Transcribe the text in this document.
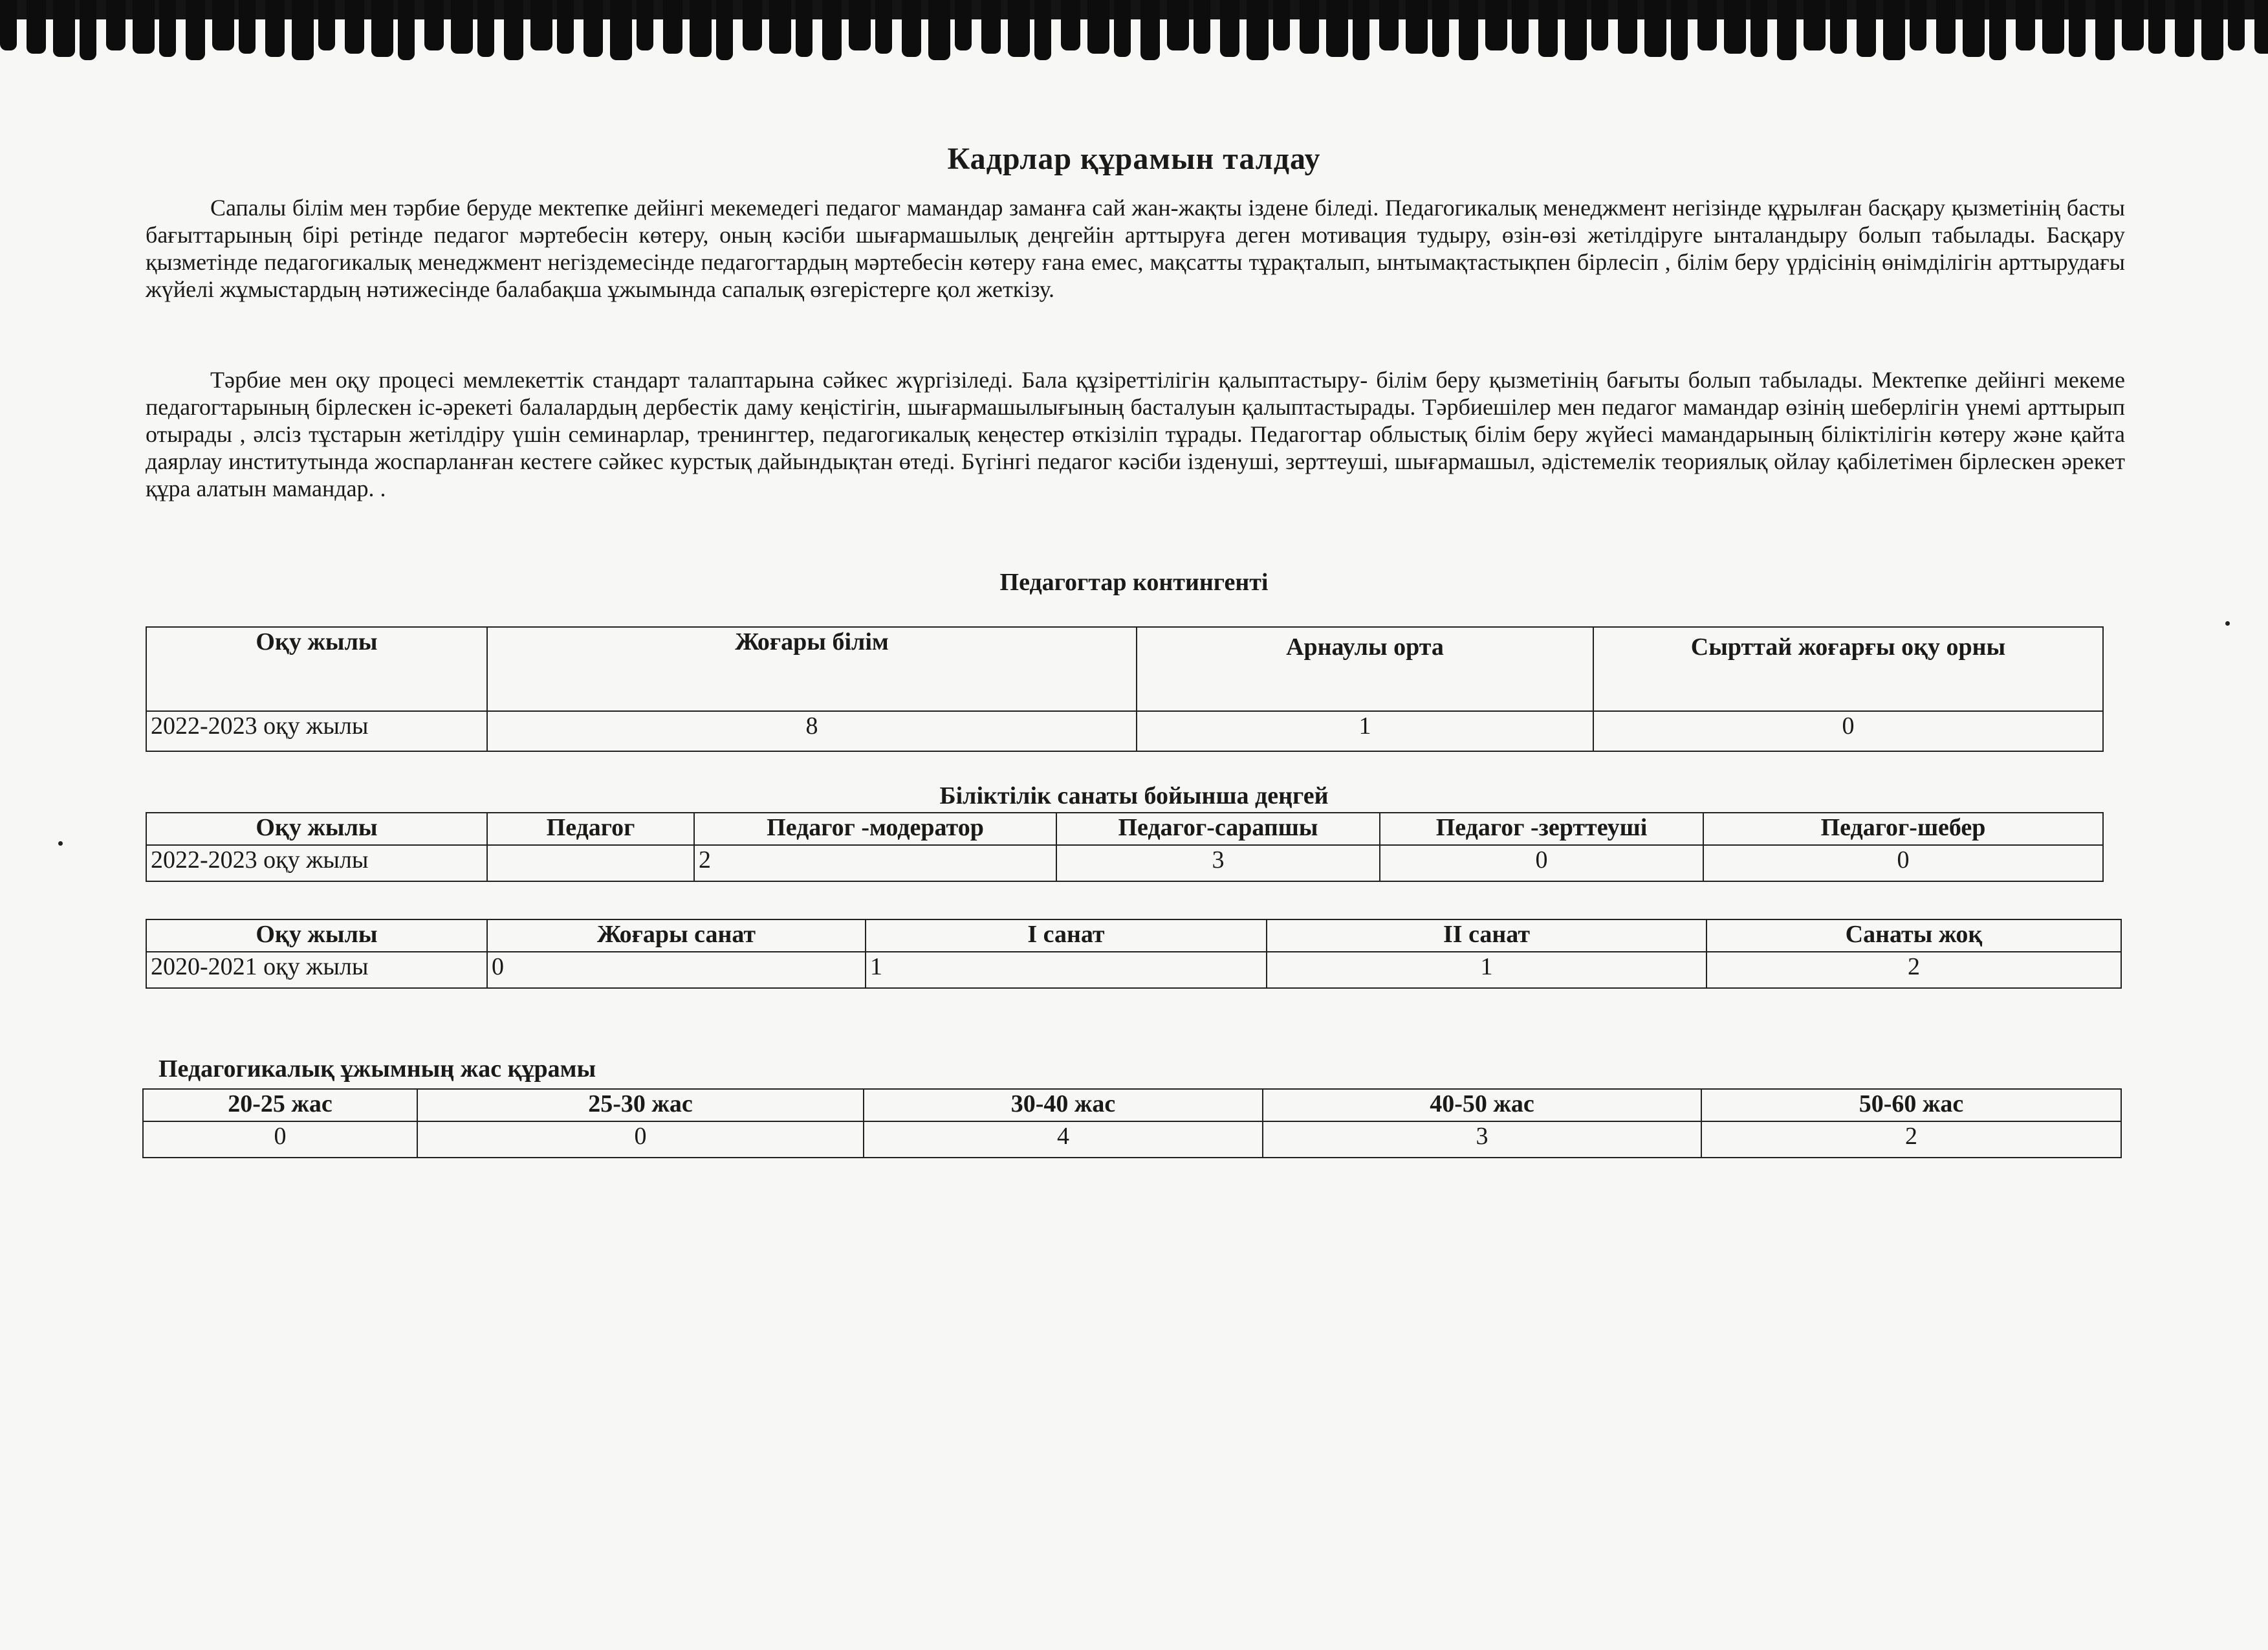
Кадрлар құрамын талдау
Сапалы білім мен тәрбие беруде мектепке дейінгі мекемедегі педагог мамандар заманға сай жан-жақты іздене біледі. Педагогикалық менеджмент негізінде құрылған басқару қызметінің басты бағыттарының бірі ретінде педагог мәртебесін көтеру, оның кәсіби шығармашылық деңгейін арттыруға деген мотивация тудыру, өзін-өзі жетілдіруге ынталандыру болып табылады. Басқару қызметінде педагогикалық менеджмент негіздемесінде педагогтардың мәртебесін көтеру ғана емес, мақсатты тұрақталып, ынтымақтастықпен бірлесіп , білім беру үрдісінің өнімділігін арттырудағы жүйелі жұмыстардың нәтижесінде балабақша ұжымында сапалық өзгерістерге қол жеткізу.
Тәрбие мен оқу процесі мемлекеттік стандарт талаптарына сәйкес жүргізіледі. Бала құзіреттілігін қалыптастыру- білім беру қызметінің бағыты болып табылады. Мектепке дейінгі мекеме педагогтарының бірлескен іс-әрекеті балалардың дербестік даму кеңістігін, шығармашылығының басталуын қалыптастырады. Тәрбиешілер мен педагог мамандар өзінің шеберлігін үнемі арттырып отырады , әлсіз тұстарын жетілдіру үшін семинарлар, тренингтер, педагогикалық кеңестер өткізіліп тұрады. Педагогтар облыстық білім беру жүйесі мамандарының біліктілігін көтеру және қайта даярлау институтында жоспарланған кестеге сәйкес курстық дайындықтан өтеді. Бүгінгі педагог кәсіби ізденуші, зерттеуші, шығармашыл, әдістемелік теориялық ойлау қабілетімен бірлескен әрекет құра алатын мамандар. .
Педагогтар контингенті
Оқу жылы	Жоғары білім	Арнаулы орта	Сырттай жоғарғы оқу орны
2022-2023 оқу жылы	8	1	0
Біліктілік санаты бойынша деңгей
Оқу жылы	Педагог	Педагог -модератор	Педагог-сарапшы	Педагог -зерттеуші	Педагог-шебер
2022-2023 оқу жылы		2	3	0	0
Оқу жылы	Жоғары санат	I санат	II санат	Санаты жоқ
2020-2021 оқу жылы	0	1	1	2
Педагогикалық ұжымның жас құрамы
20-25 жас	25-30 жас	30-40 жас	40-50 жас	50-60 жас
0	0	4	3	2
